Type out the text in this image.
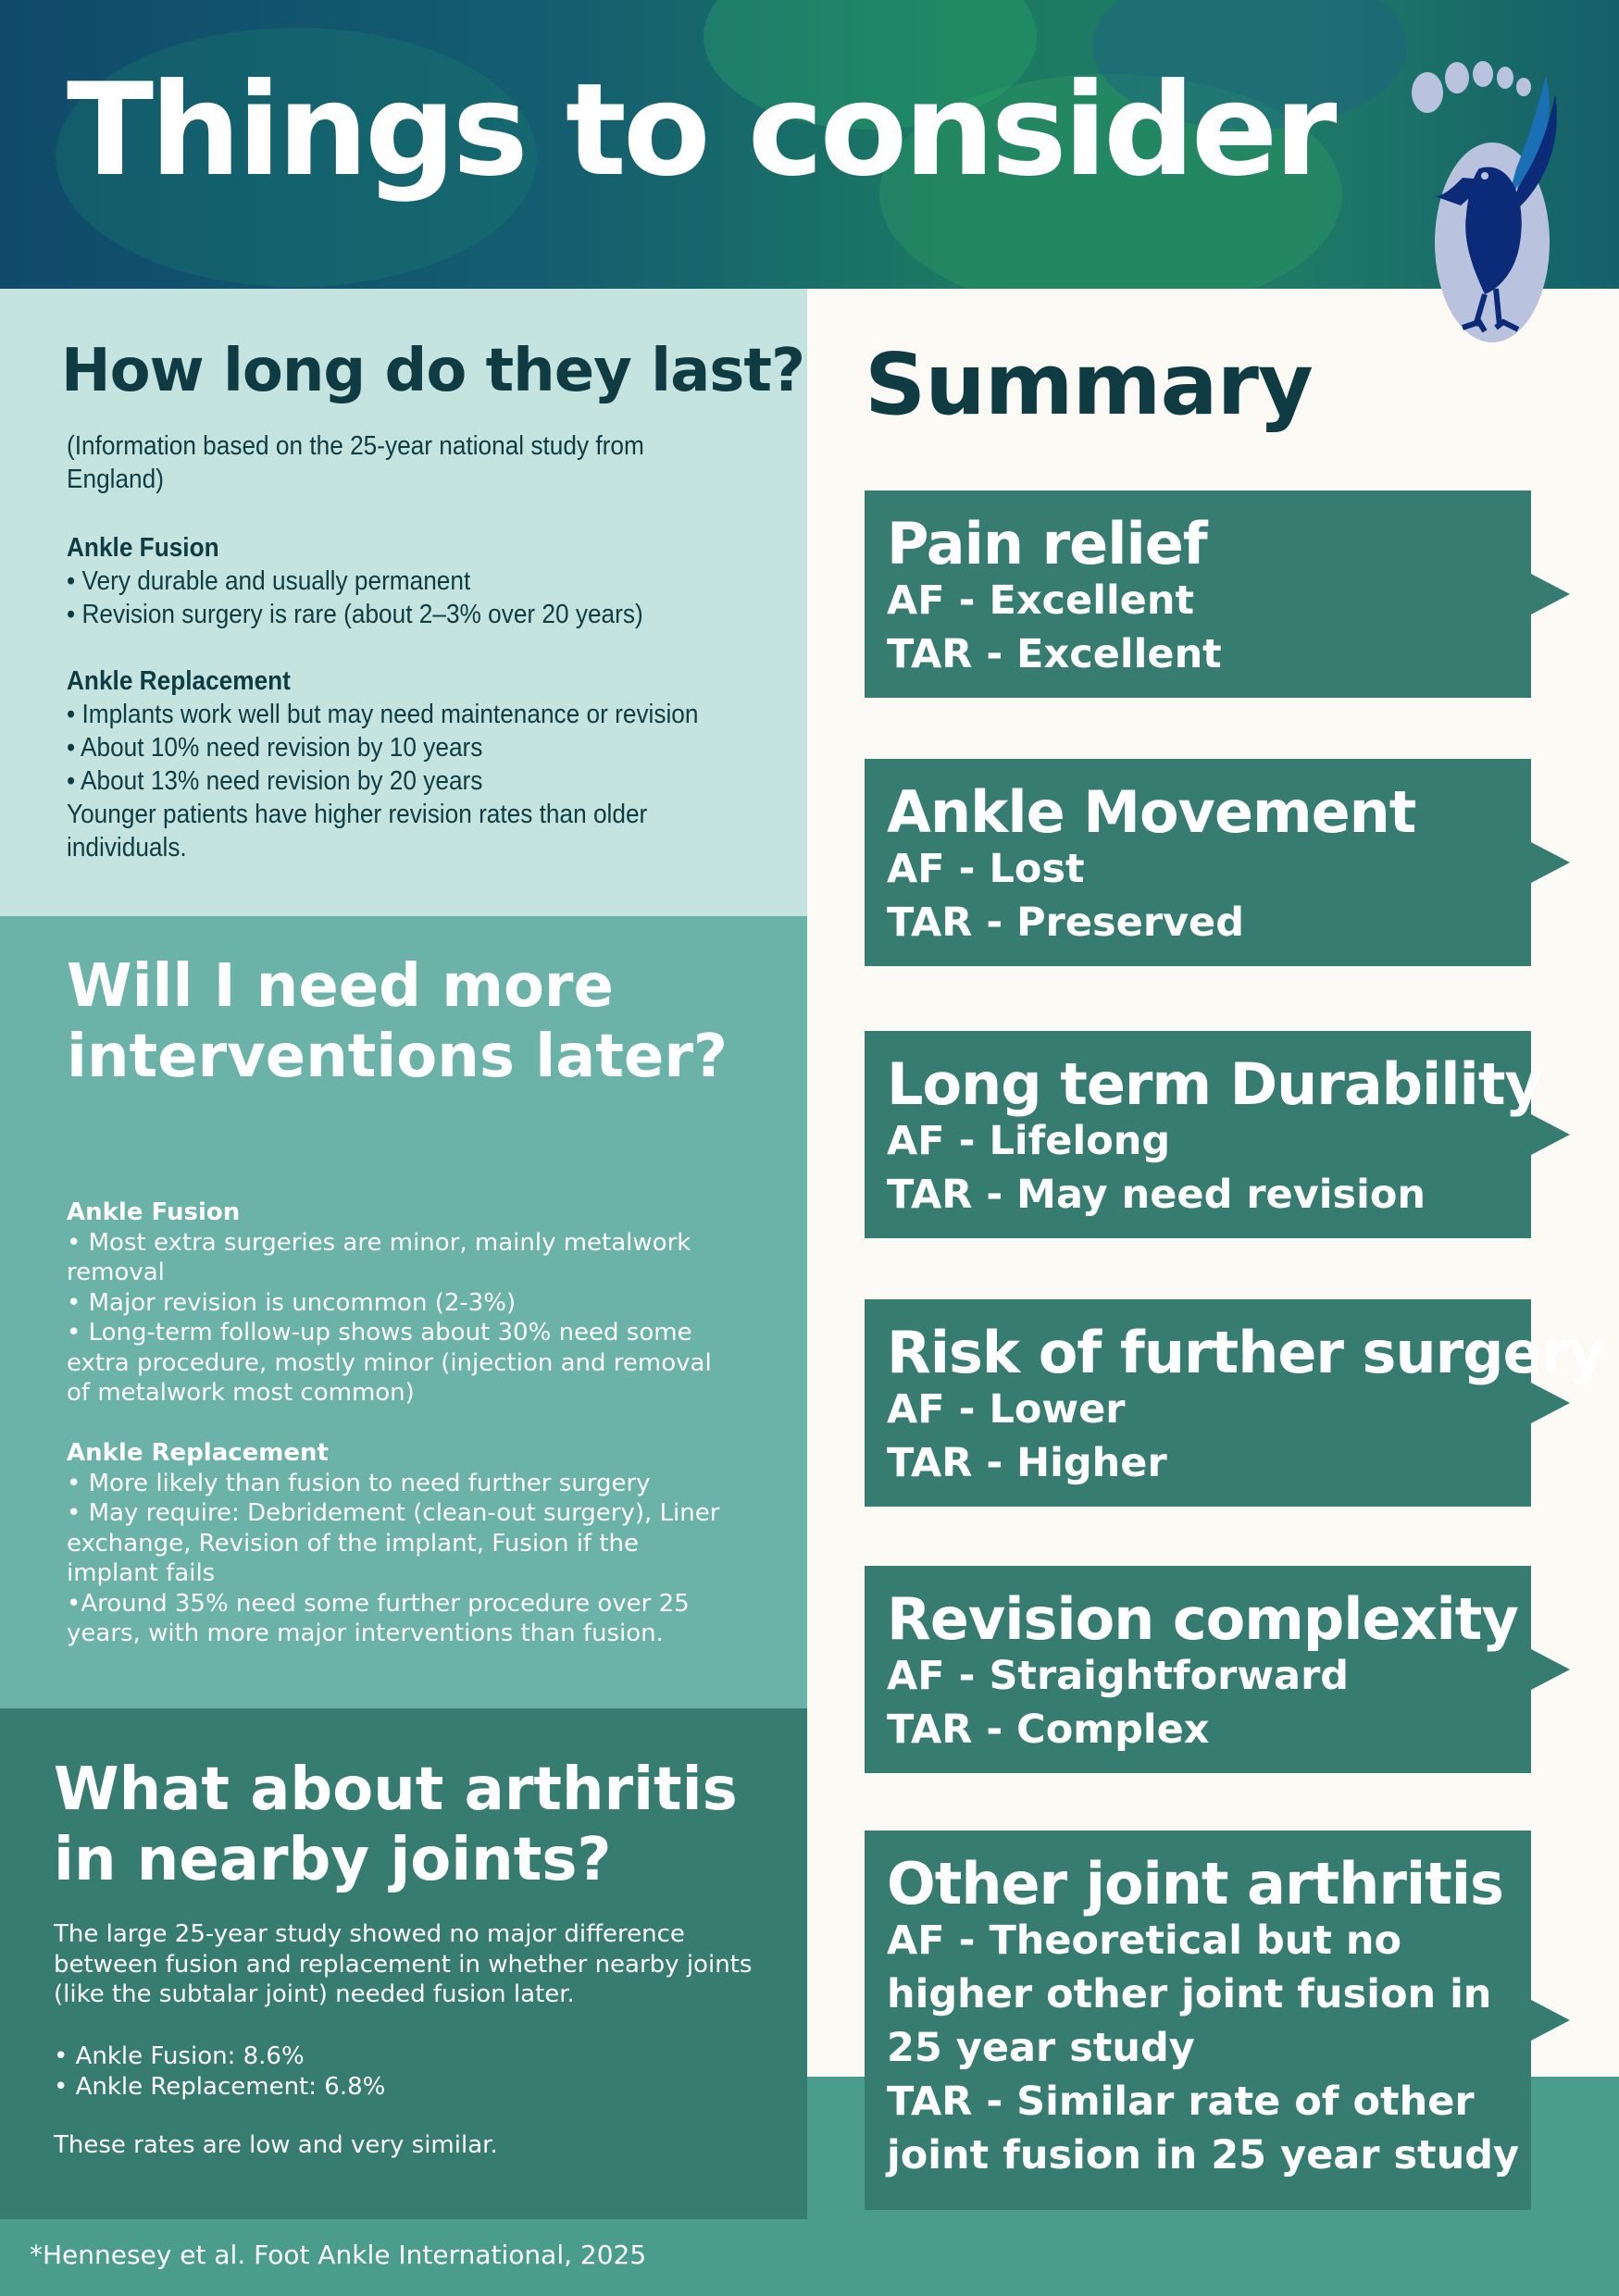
Things to consider
How long do they last?
(Information based on the 25-year national study from England)
Ankle Fusion
• Very durable and usually permanent
• Revision surgery is rare (about 2–3% over 20 years)
Ankle Replacement
• Implants work well but may need maintenance or revision
• About 10% need revision by 10 years
• About 13% need revision by 20 years
Younger patients have higher revision rates than older individuals.
Will I need more interventions later?
Ankle Fusion
• Most extra surgeries are minor, mainly metalwork removal
• Major revision is uncommon (2-3%)
• Long-term follow-up shows about 30% need some extra procedure, mostly minor (injection and removal of metalwork most common)
Ankle Replacement
• More likely than fusion to need further surgery
• May require: Debridement (clean-out surgery), Liner exchange, Revision of the implant, Fusion if the implant fails
•Around 35% need some further procedure over 25 years, with more major interventions than fusion.
What about arthritis in nearby joints?
The large 25-year study showed no major difference between fusion and replacement in whether nearby joints (like the subtalar joint) needed fusion later.
• Ankle Fusion: 8.6%
• Ankle Replacement: 6.8%
These rates are low and very similar.
Summary
Pain relief
AF - Excellent
TAR - Excellent
Ankle Movement
AF - Lost
TAR - Preserved
Long term Durability
AF - Lifelong
TAR - May need revision
Risk of further surgery
AF - Lower
TAR - Higher
Revision complexity
AF - Straightforward
TAR - Complex
Other joint arthritis
AF - Theoretical but no higher other joint fusion in 25 year study
TAR - Similar rate of other joint fusion in 25 year study
*Hennesey et al. Foot Ankle International, 2025
